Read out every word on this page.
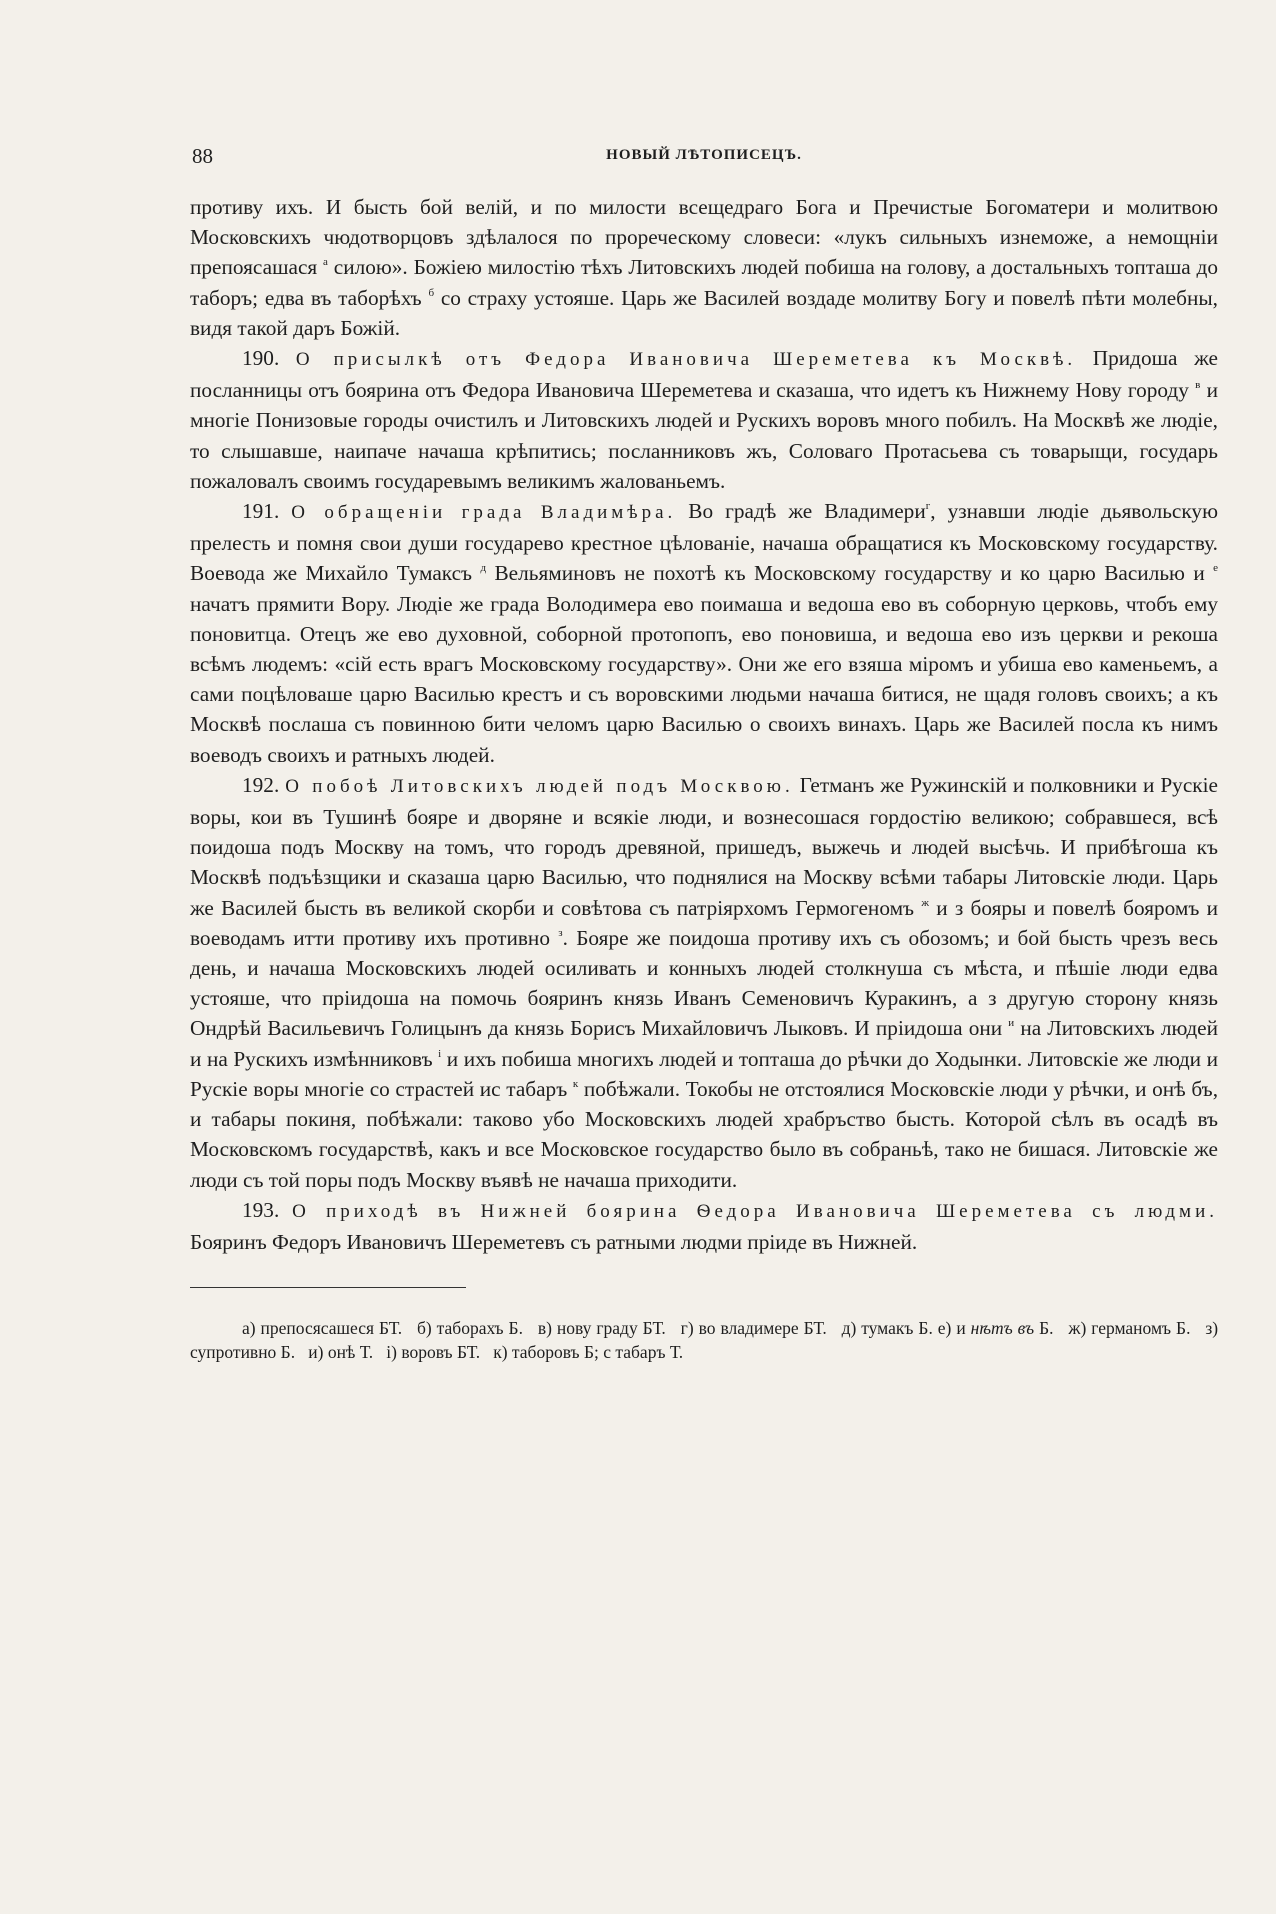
88	НОВЫЙ ЛѢТОПИСЕЦЪ.

противу ихъ. И бысть бой велій, и по милости всещедраго Бога и Пречистые Богоматери и молитвою Московскихъ чюдотворцовъ здѣлалося по прореческому словеси: «лукъ сильныхъ изнеможе, а немощніи препоясашася $^а$ силою». Божіею милостію тѣхъ Литовскихъ людей побиша на голову, а достальныхъ топташа до таборъ; едва въ таборѣхъ $^б$ со страху устояше. Царь же Василей воздаде молитву Богу и повелѣ пѣти молебны, видя такой даръ Божій.

190. О присылкѣ отъ Федора Ивановича Шереметева къ Москвѣ. Придоша же посланницы отъ боярина отъ Федора Ивановича Шереметева и сказаша, что идетъ къ Нижнему Нову городу $^в$ и многіе Понизовые городы очистилъ и Литовскихъ людей и Рускихъ воровъ много побилъ. На Москвѣ же людіе, то слышавше, наипаче начаша крѣпитись; посланниковъ жъ, Соловаго Протасьева съ товарыщи, государь пожаловалъ своимъ государевымъ великимъ жалованьемъ.

191. О обращеніи града Владимѣра. Во градѣ же Владимери$^г$, узнавши людіе дьявольскую прелесть и помня свои души государево крестное цѣлованіе, начаша обращатися къ Московскому государству. Воевода же Михайло Тумаксъ $^д$ Вельяминовъ не похотѣ къ Московскому государству и ко царю Василью и $^е$ начатъ прямити Вору. Людіе же града Володимера ево поимаша и ведоша ево въ соборную церковь, чтобъ ему поновитца. Отецъ же ево духовной, соборной протопопъ, ево поновиша, и ведоша ево изъ церкви и рекоша всѣмъ людемъ: «сій есть врагъ Московскому государству». Они же его взяша міромъ и убиша ево каменьемъ, а сами поцѣловаше царю Василью крестъ и съ воровскими людьми начаша битися, не щадя головъ своихъ; а къ Москвѣ послаша съ повинною бити челомъ царю Василью о своихъ винахъ. Царь же Василей посла къ нимъ воеводъ своихъ и ратныхъ людей.

192. О побоѣ Литовскихъ людей подъ Москвою. Гетманъ же Ружинскій и полковники и Рускіе воры, кои въ Тушинѣ бояре и дворяне и всякіе люди, и вознесошася гордостію великою; собравшеся, всѣ поидоша подъ Москву на томъ, что городъ древяной, пришедъ, выжечь и людей высѣчь. И прибѣгоша къ Москвѣ подъѣзщики и сказаша царю Василью, что поднялися на Москву всѣми табары Литовскіе люди. Царь же Василей бысть въ великой скорби и совѣтова съ патріярхомъ Гермогеномъ $^ж$ и з бояры и повелѣ бояромъ и воеводамъ итти противу ихъ противно $^з$. Бояре же поидоша противу ихъ съ обозомъ; и бой бысть чрезъ весь день, и начаша Московскихъ людей осиливать и конныхъ людей столкнуша съ мѣста, и пѣшіе люди едва устояше, что пріидоша на помочь бояринъ князь Иванъ Семеновичъ Куракинъ, а з другую сторону князь Ондрѣй Васильевичъ Голицынъ да князь Борисъ Михайловичъ Лыковъ. И пріидоша они $^и$ на Литовскихъ людей и на Рускихъ измѣнниковъ $^і$ и ихъ побиша многихъ людей и топташа до рѣчки до Ходынки. Литовскіе же люди и Рускіе воры многіе со страстей ис табаръ $^к$ побѣжали. Токобы не отстоялися Московскіе люди у рѣчки, и онѣ бъ, и табары покиня, побѣжали: таково убо Московскихъ людей храбръство бысть. Которой сѣлъ въ осадѣ въ Московскомъ государствѣ, какъ и все Московское государство было въ собраньѣ, тако не бишася. Литовскіе же люди съ той поры подъ Москву въявѣ не начаша приходити.

193. О приходѣ въ Нижней боярина Ѳедора Ивановича Шереметева съ людми. Бояринъ Федоръ Ивановичъ Шереметевъ съ ратными людми пріиде въ Нижней.

а) препосясашеся БТ. б) таборахъ Б. в) нову граду БТ. г) во владимере БТ. д) тумакъ Б. е) и нѣтъ въ Б. ж) германомъ Б. з) супротивно Б. и) онѣ Т. і) воровъ БТ. к) таборовъ Б; с табаръ Т.
